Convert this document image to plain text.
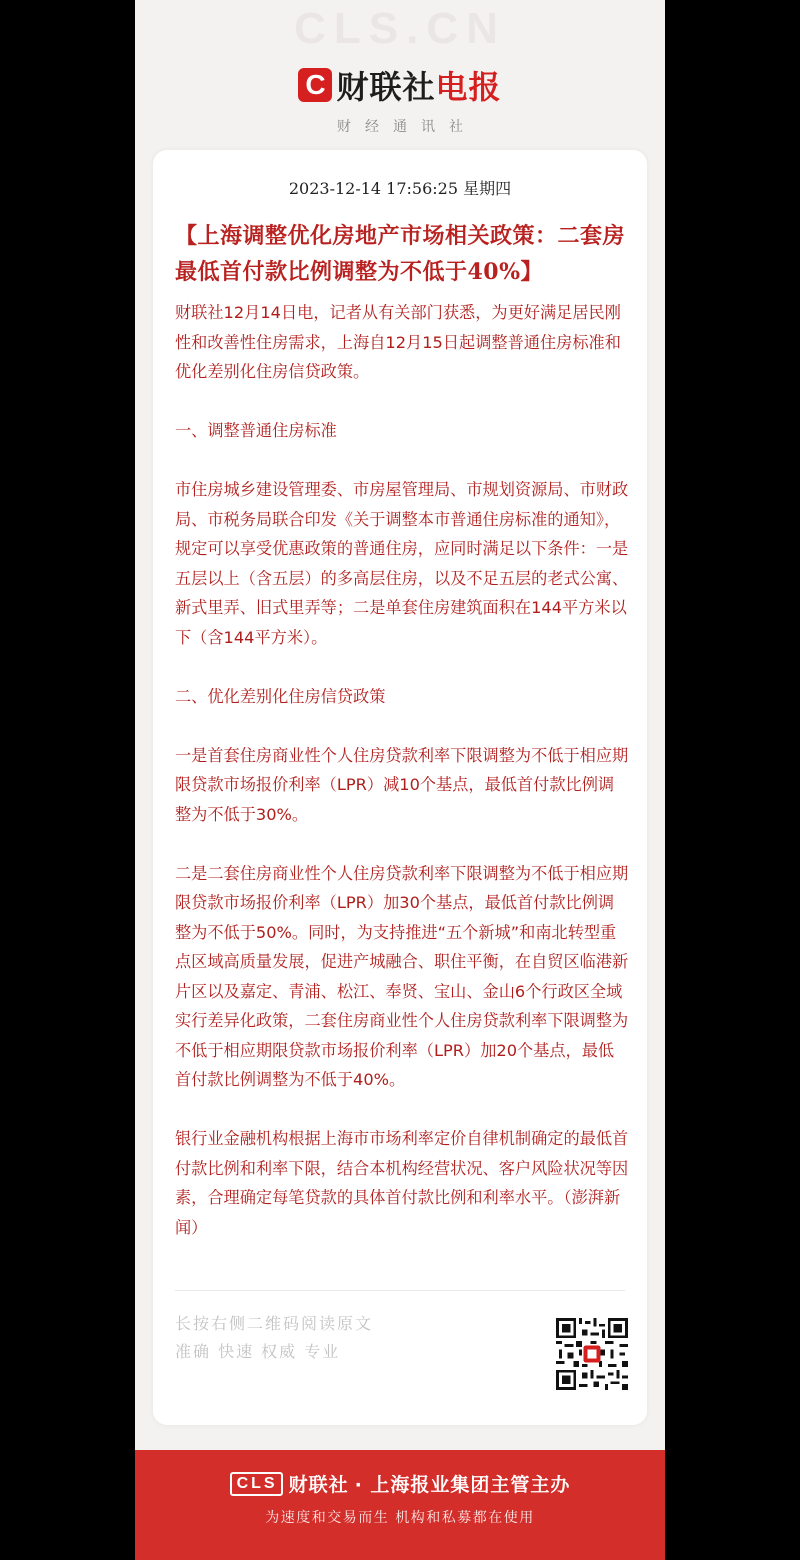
CLS.CN
C 财联社电报
财经通讯社
2023-12-14 17:56:25 星期四
【上海调整优化房地产市场相关政策：二套房最低首付款比例调整为不低于40%】

财联社12月14日电，记者从有关部门获悉，为更好满足居民刚性和改善性住房需求，上海自12月15日起调整普通住房标准和优化差别化住房信贷政策。

一、调整普通住房标准

市住房城乡建设管理委、市房屋管理局、市规划资源局、市财政局、市税务局联合印发《关于调整本市普通住房标准的通知》，规定可以享受优惠政策的普通住房，应同时满足以下条件：一是五层以上（含五层）的多高层住房，以及不足五层的老式公寓、新式里弄、旧式里弄等；二是单套住房建筑面积在144平方米以下（含144平方米）。

二、优化差别化住房信贷政策

一是首套住房商业性个人住房贷款利率下限调整为不低于相应期限贷款市场报价利率（LPR）减10个基点，最低首付款比例调整为不低于30%。

二是二套住房商业性个人住房贷款利率下限调整为不低于相应期限贷款市场报价利率（LPR）加30个基点，最低首付款比例调整为不低于50%。同时，为支持推进“五个新城”和南北转型重点区域高质量发展，促进产城融合、职住平衡，在自贸区临港新片区以及嘉定、青浦、松江、奉贤、宝山、金山6个行政区全域实行差异化政策，二套住房商业性个人住房贷款利率下限调整为不低于相应期限贷款市场报价利率（LPR）加20个基点，最低首付款比例调整为不低于40%。

银行业金融机构根据上海市市场利率定价自律机制确定的最低首付款比例和利率下限，结合本机构经营状况、客户风险状况等因素，合理确定每笔贷款的具体首付款比例和利率水平。（澎湃新闻）

长按右侧二维码阅读原文
准确 快速 权威 专业
CLS 财联社 · 上海报业集团主管主办
为速度和交易而生 机构和私募都在使用
